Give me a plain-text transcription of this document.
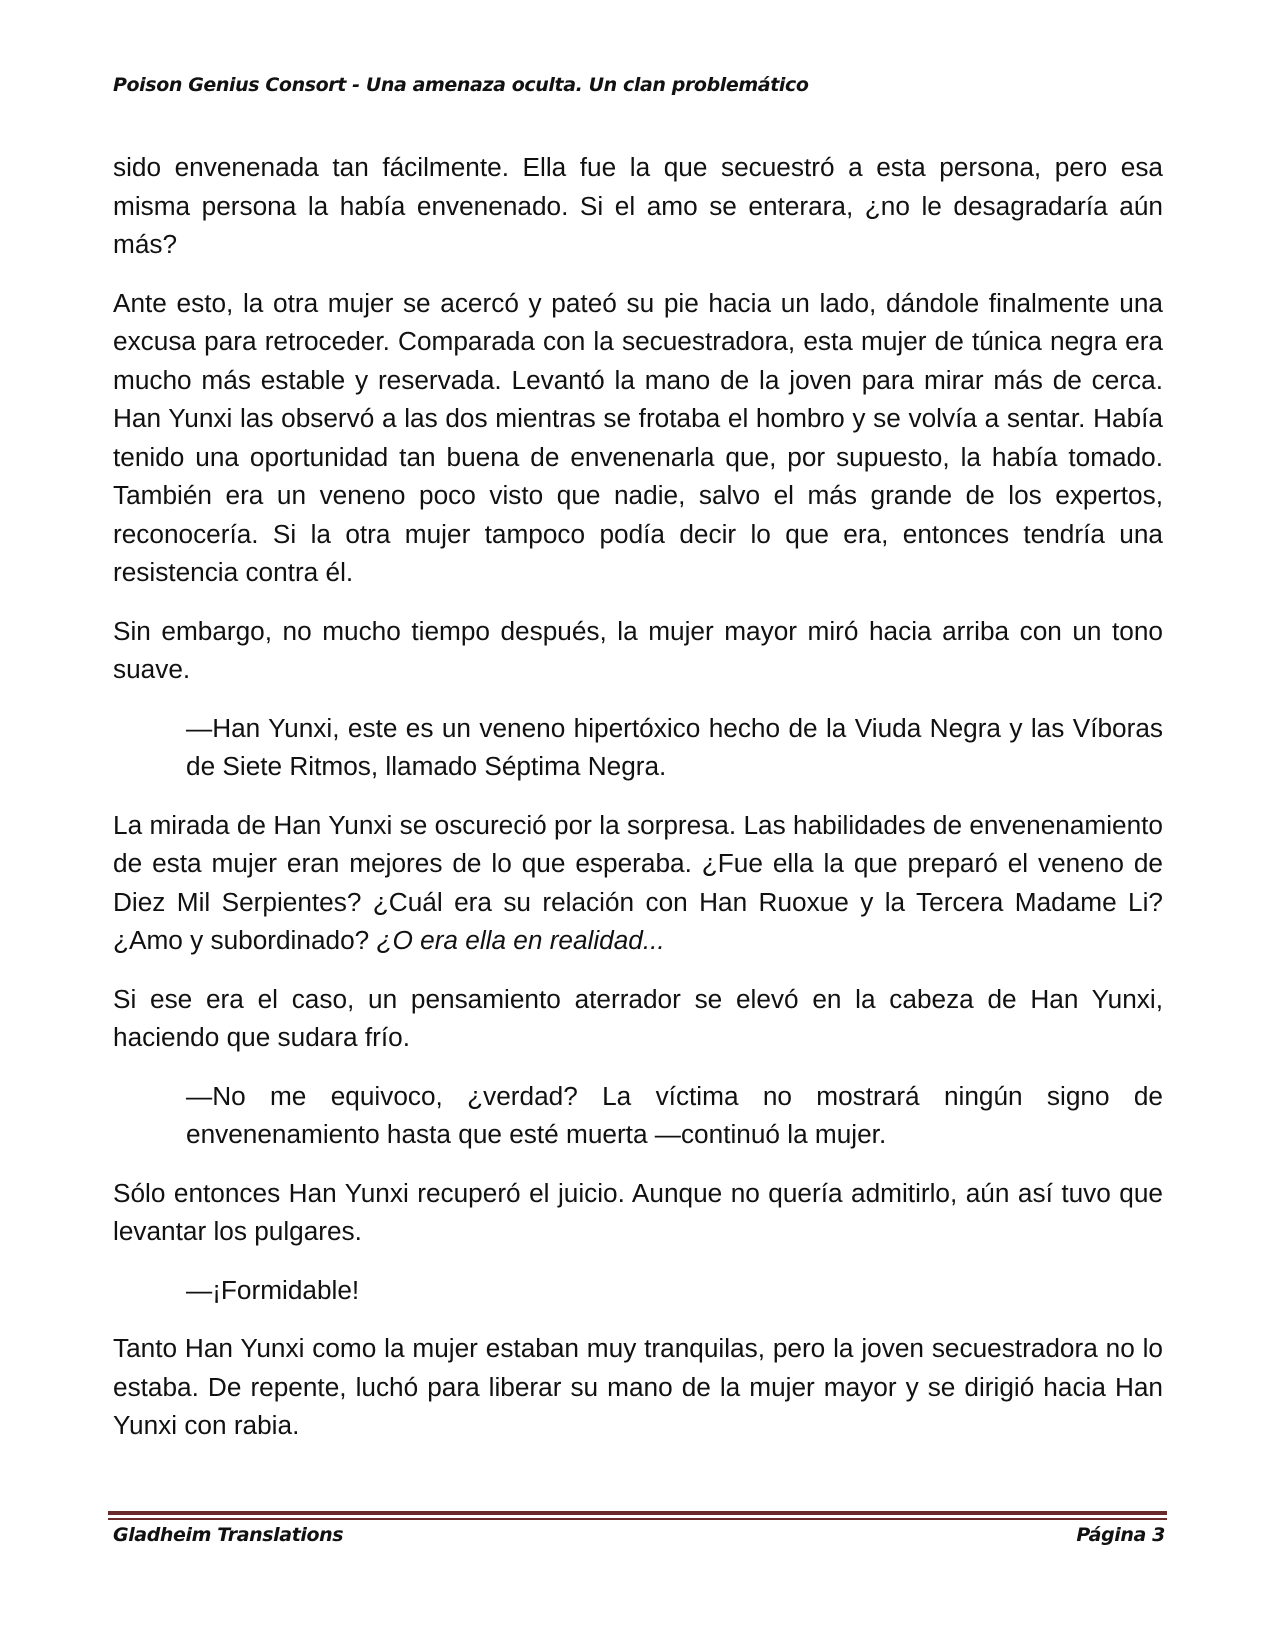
Poison Genius Consort - Una amenaza oculta. Un clan problemático

sido envenenada tan fácilmente. Ella fue la que secuestró a esta persona, pero esa misma persona la había envenenado. Si el amo se enterara, ¿no le desagradaría aún más?

Ante esto, la otra mujer se acercó y pateó su pie hacia un lado, dándole finalmente una excusa para retroceder. Comparada con la secuestradora, esta mujer de túnica negra era mucho más estable y reservada. Levantó la mano de la joven para mirar más de cerca. Han Yunxi las observó a las dos mientras se frotaba el hombro y se volvía a sentar. Había tenido una oportunidad tan buena de envenenarla que, por supuesto, la había tomado. También era un veneno poco visto que nadie, salvo el más grande de los expertos, reconocería. Si la otra mujer tampoco podía decir lo que era, entonces tendría una resistencia contra él.

Sin embargo, no mucho tiempo después, la mujer mayor miró hacia arriba con un tono suave.

—Han Yunxi, este es un veneno hipertóxico hecho de la Viuda Negra y las Víboras de Siete Ritmos, llamado Séptima Negra.

La mirada de Han Yunxi se oscureció por la sorpresa. Las habilidades de envenenamiento de esta mujer eran mejores de lo que esperaba. ¿Fue ella la que preparó el veneno de Diez Mil Serpientes? ¿Cuál era su relación con Han Ruoxue y la Tercera Madame Li? ¿Amo y subordinado? ¿O era ella en realidad...

Si ese era el caso, un pensamiento aterrador se elevó en la cabeza de Han Yunxi, haciendo que sudara frío.

—No me equivoco, ¿verdad? La víctima no mostrará ningún signo de envenenamiento hasta que esté muerta —continuó la mujer.

Sólo entonces Han Yunxi recuperó el juicio. Aunque no quería admitirlo, aún así tuvo que levantar los pulgares.

—¡Formidable!

Tanto Han Yunxi como la mujer estaban muy tranquilas, pero la joven secuestradora no lo estaba. De repente, luchó para liberar su mano de la mujer mayor y se dirigió hacia Han Yunxi con rabia.

Gladheim Translations	Página 3
